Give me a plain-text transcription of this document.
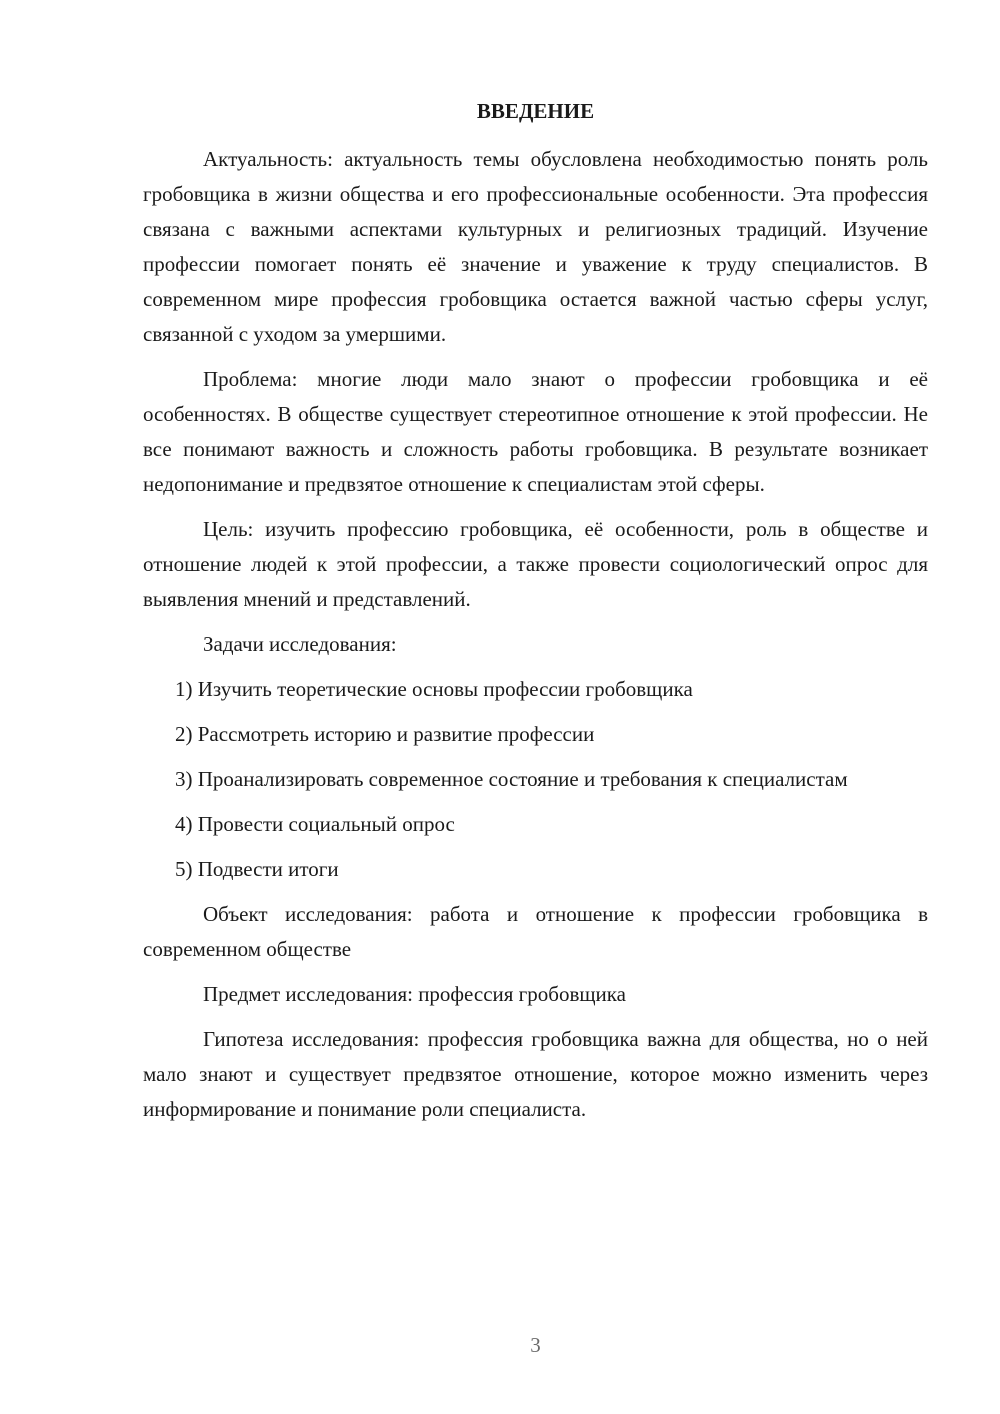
ВВЕДЕНИЕ

Актуальность: актуальность темы обусловлена необходимостью понять роль гробовщика в жизни общества и его профессиональные особенности. Эта профессия связана с важными аспектами культурных и религиозных традиций. Изучение профессии помогает понять её значение и уважение к труду специалистов. В современном мире профессия гробовщика остается важной частью сферы услуг, связанной с уходом за умершими.

Проблема: многие люди мало знают о профессии гробовщика и её особенностях. В обществе существует стереотипное отношение к этой профессии. Не все понимают важность и сложность работы гробовщика. В результате возникает недопонимание и предвзятое отношение к специалистам этой сферы.

Цель: изучить профессию гробовщика, её особенности, роль в обществе и отношение людей к этой профессии, а также провести социологический опрос для выявления мнений и представлений.

Задачи исследования:

1) Изучить теоретические основы профессии гробовщика

2) Рассмотреть историю и развитие профессии

3) Проанализировать современное состояние и требования к специалистам

4) Провести социальный опрос

5) Подвести итоги

Объект исследования: работа и отношение к профессии гробовщика в современном обществе

Предмет исследования: профессия гробовщика

Гипотеза исследования: профессия гробовщика важна для общества, но о ней мало знают и существует предвзятое отношение, которое можно изменить через информирование и понимание роли специалиста.

3
